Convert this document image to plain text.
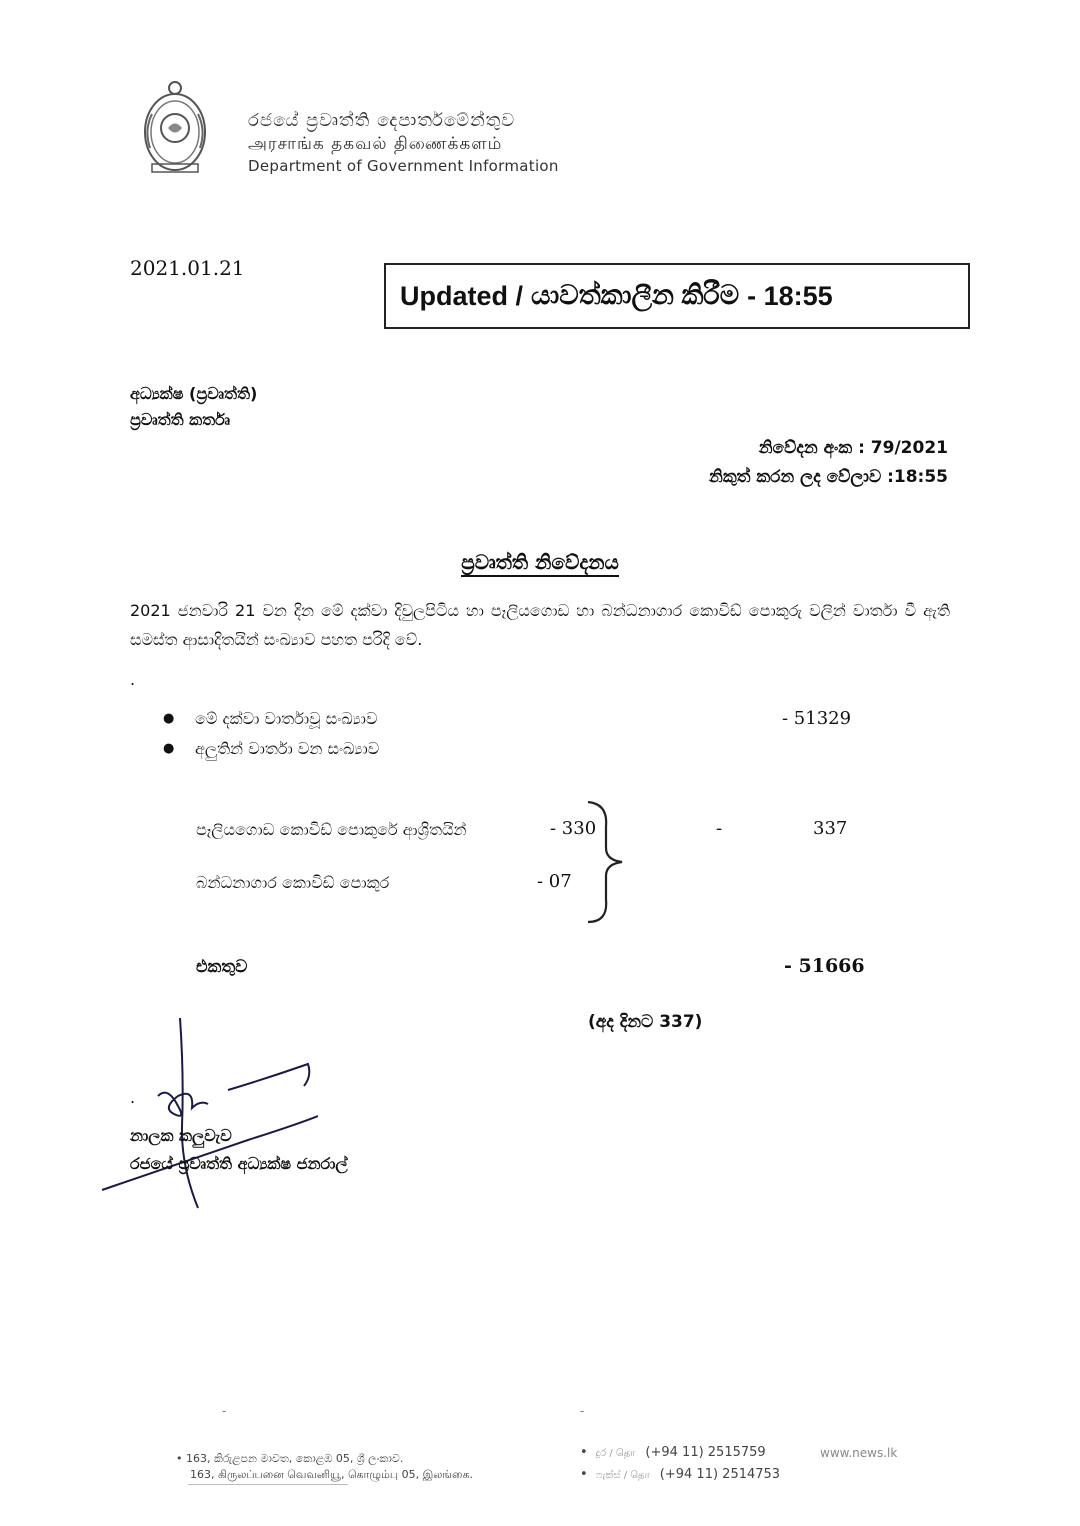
රජයේ ප්‍රවෘත්ති දෙපාර්තමේන්තුව
அரசாங்க தகவல் திணைக்களம்
Department of Government Information
2021.01.21
Updated / යාවත්කාලීන කිරීම - 18:55
අධ්‍යක්ෂ (ප්‍රවෘත්ති)
ප්‍රවෘත්ති කර්තෘ
නිවේදන අංක : 79/2021
නිකුත් කරන ලද වේලාව :18:55
ප්‍රවෘත්ති නිවේදනය
2021 ජනවාරි 21 වන දින මේ දක්වා දිවුලපිටිය හා පෑලියගොඩ හා බන්ධනාගාර කොවිඩ් පොකුරු වලින් වාර්තා වී ඇති සමස්ත ආසාදිතයින් සංඛ්‍යාව පහත පරිදි වේ.
.
● මේ දක්වා වාර්තාවූ සංඛ්‍යාව	- 51329
● අලුතින් වාර්තා වන සංඛ්‍යාව
පෑලියගොඩ කොවිඩ් පොකුරේ ආශ්‍රිතයින්	- 330
බන්ධනාගාර කොවිඩ් පොකුර	- 07
-	337
එකතුව	- 51666
(අද දිනට 337)
.
නාලක කලුවැව
රජයේ ප්‍රවෘත්ති අධ්‍යක්ෂ ජනරාල්
-	-
• 163, කිරුළපන මාවත, කොළඹ 05, ශ්‍රී ලංකාව.
163, கிருலப்பனை வெவனியூ, கொழும்பு 05, இலங்கை.
• දුර / தொ (+94 11) 2515759
• ෆැක්ස් / தொ (+94 11) 2514753
www.news.lk
